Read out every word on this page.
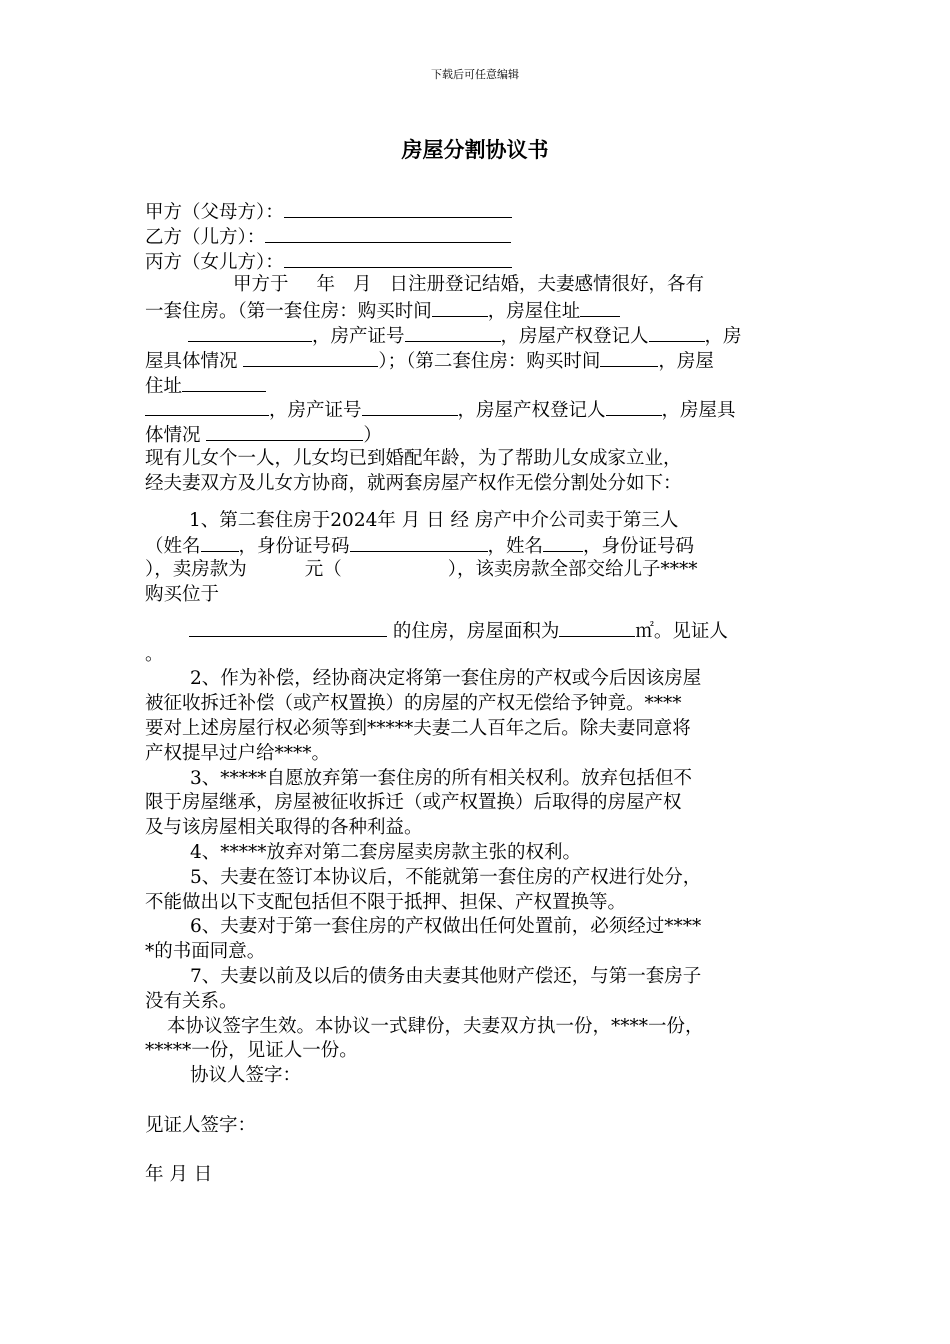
下载后可任意编辑
房屋分割协议书
甲方（父母方）：
乙方（儿方）：
丙方（女儿方）：
甲方于 年 月 日注册登记结婚，夫妻感情很好，各有
一套住房。（第一套住房：购买时间	，房屋住址
，房产证号	，房屋产权登记人	，房
屋具体情况	）；（第二套住房：购买时间	，房屋
住址
，房产证号	，房屋产权登记人	，房屋具
体情况	）
现有儿女个一人，儿女均已到婚配年龄，为了帮助儿女成家立业，
经夫妻双方及儿女方协商，就两套房屋产权作无偿分割处分如下：
1、第二套住房于2024年 月 日 经 房产中介公司卖于第三人
（姓名 ，身份证号码	，姓名 ，身份证号码
），卖房款为	元（	），该卖房款全部交给儿子****
购买位于
的住房，房屋面积为	㎡。见证人
。
2、作为补偿，经协商决定将第一套住房的产权或今后因该房屋
被征收拆迁补偿（或产权置换）的房屋的产权无偿给予钟竟。****
要对上述房屋行权必须等到*****夫妻二人百年之后。除夫妻同意将
产权提早过户给****。
3、*****自愿放弃第一套住房的所有相关权利。放弃包括但不
限于房屋继承，房屋被征收拆迁（或产权置换）后取得的房屋产权
及与该房屋相关取得的各种利益。
4、*****放弃对第二套房屋卖房款主张的权利。
5、夫妻在签订本协议后，不能就第一套住房的产权进行处分，
不能做出以下支配包括但不限于抵押、担保、产权置换等。
6、夫妻对于第一套住房的产权做出任何处置前，必须经过****
*的书面同意。
7、夫妻以前及以后的债务由夫妻其他财产偿还，与第一套房子
没有关系。
本协议签字生效。本协议一式肆份，夫妻双方执一份，****一份，
*****一份，见证人一份。
协议人签字：
见证人签字：
年 月 日
